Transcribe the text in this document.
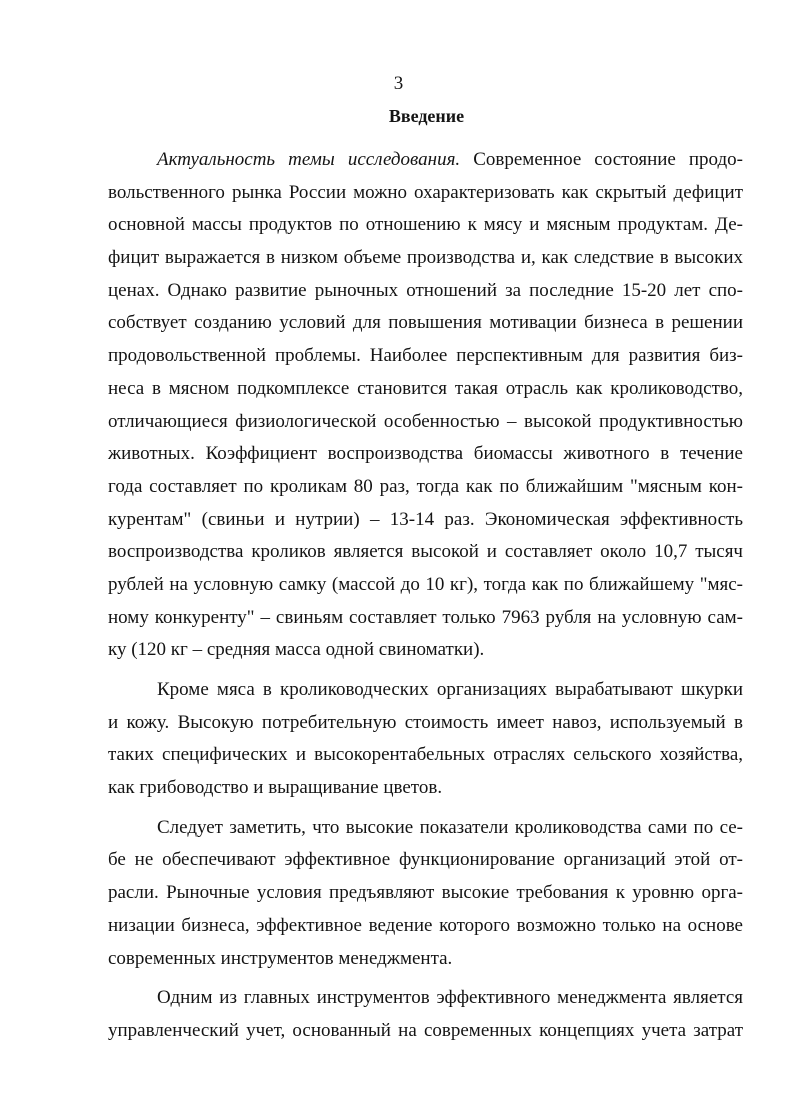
3
Введение
Актуальность темы исследования. Современное состояние продо-
вольственного рынка России можно охарактеризовать как скрытый дефицит
основной массы продуктов по отношению к мясу и мясным продуктам. Де-
фицит выражается в низком объеме производства и, как следствие в высоких
ценах. Однако развитие рыночных отношений за последние 15-20 лет спо-
собствует созданию условий для повышения мотивации бизнеса в решении
продовольственной проблемы. Наиболее перспективным для развития биз-
неса в мясном подкомплексе становится такая отрасль как кролиководство,
отличающиеся физиологической особенностью – высокой продуктивностью
животных. Коэффициент воспроизводства биомассы животного в течение
года составляет по кроликам 80 раз, тогда как по ближайшим "мясным кон-
курентам" (свиньи и нутрии) – 13-14 раз. Экономическая эффективность
воспроизводства кроликов является высокой и составляет около 10,7 тысяч
рублей на условную самку (массой до 10 кг), тогда как по ближайшему "мяс-
ному конкуренту" – свиньям составляет только 7963 рубля на условную сам-
ку (120 кг – средняя масса одной свиноматки).
Кроме мяса в кролиководческих организациях вырабатывают шкурки
и кожу. Высокую потребительную стоимость имеет навоз, используемый в
таких специфических и высокорентабельных отраслях сельского хозяйства,
как грибоводство и выращивание цветов.
Следует заметить, что высокие показатели кролиководства сами по се-
бе не обеспечивают эффективное функционирование организаций этой от-
расли. Рыночные условия предъявляют высокие требования к уровню орга-
низации бизнеса, эффективное ведение которого возможно только на основе
современных инструментов менеджмента.
Одним из главных инструментов эффективного менеджмента является
управленческий учет, основанный на современных концепциях учета затрат
